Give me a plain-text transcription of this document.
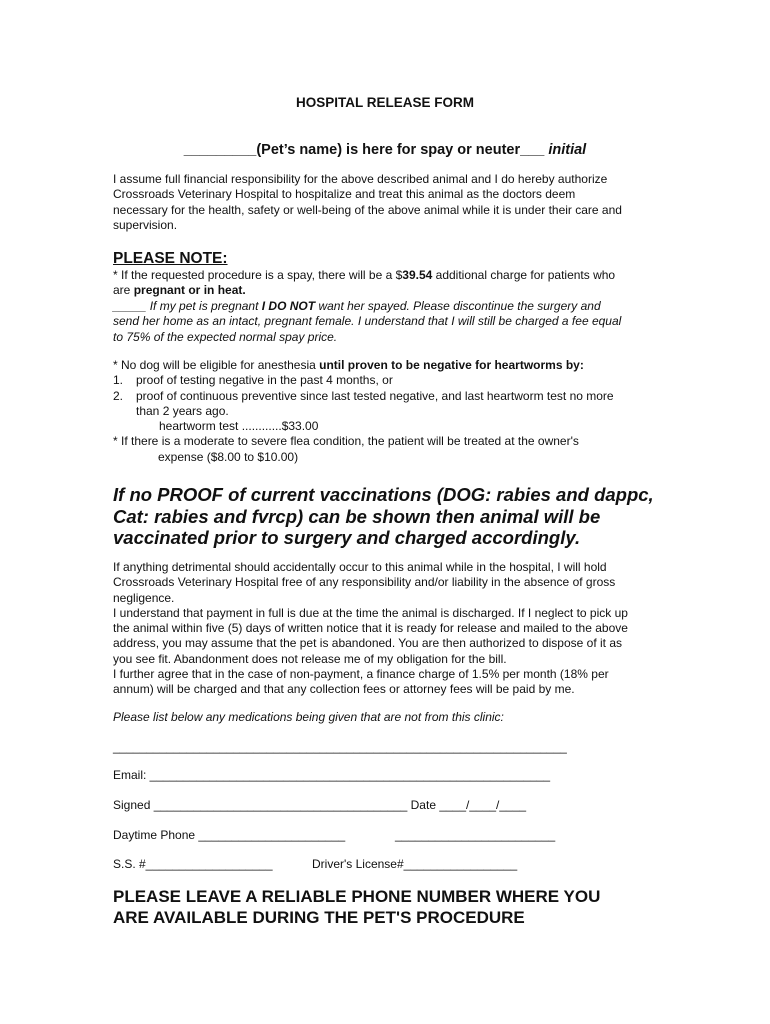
HOSPITAL RELEASE FORM
_________(Pet’s name) is here for spay or neuter___ initial
I assume full financial responsibility for the above described animal and I do hereby authorize
Crossroads Veterinary Hospital to hospitalize and treat this animal as the doctors deem
necessary for the health, safety or well-being of the above animal while it is under their care and
supervision.
PLEASE NOTE:
* If the requested procedure is a spay, there will be a $39.54 additional charge for patients who
are pregnant or in heat.
_____ If my pet is pregnant I DO NOT want her spayed. Please discontinue the surgery and
send her home as an intact, pregnant female. I understand that I will still be charged a fee equal
to 75% of the expected normal spay price.
* No dog will be eligible for anesthesia until proven to be negative for heartworms by:
1. proof of testing negative in the past 4 months, or
2. proof of continuous preventive since last tested negative, and last heartworm test no more
than 2 years ago.
heartworm test ............$33.00
* If there is a moderate to severe flea condition, the patient will be treated at the owner's
expense ($8.00 to $10.00)
If no PROOF of current vaccinations (DOG: rabies and dappc,
Cat: rabies and fvrcp) can be shown then animal will be
vaccinated prior to surgery and charged accordingly.
If anything detrimental should accidentally occur to this animal while in the hospital, I will hold
Crossroads Veterinary Hospital free of any responsibility and/or liability in the absence of gross
negligence.
I understand that payment in full is due at the time the animal is discharged. If I neglect to pick up
the animal within five (5) days of written notice that it is ready for release and mailed to the above
address, you may assume that the pet is abandoned. You are then authorized to dispose of it as
you see fit. Abandonment does not release me of my obligation for the bill.
I further agree that in the case of non-payment, a finance charge of 1.5% per month (18% per
annum) will be charged and that any collection fees or attorney fees will be paid by me.
Please list below any medications being given that are not from this clinic:
____________________________________________________________________
Email: ____________________________________________________________
Signed ______________________________________ Date ____/____/____
Daytime Phone ______________________	________________________
S.S. #___________________	Driver's License#_________________
PLEASE LEAVE A RELIABLE PHONE NUMBER WHERE YOU
ARE AVAILABLE DURING THE PET'S PROCEDURE
